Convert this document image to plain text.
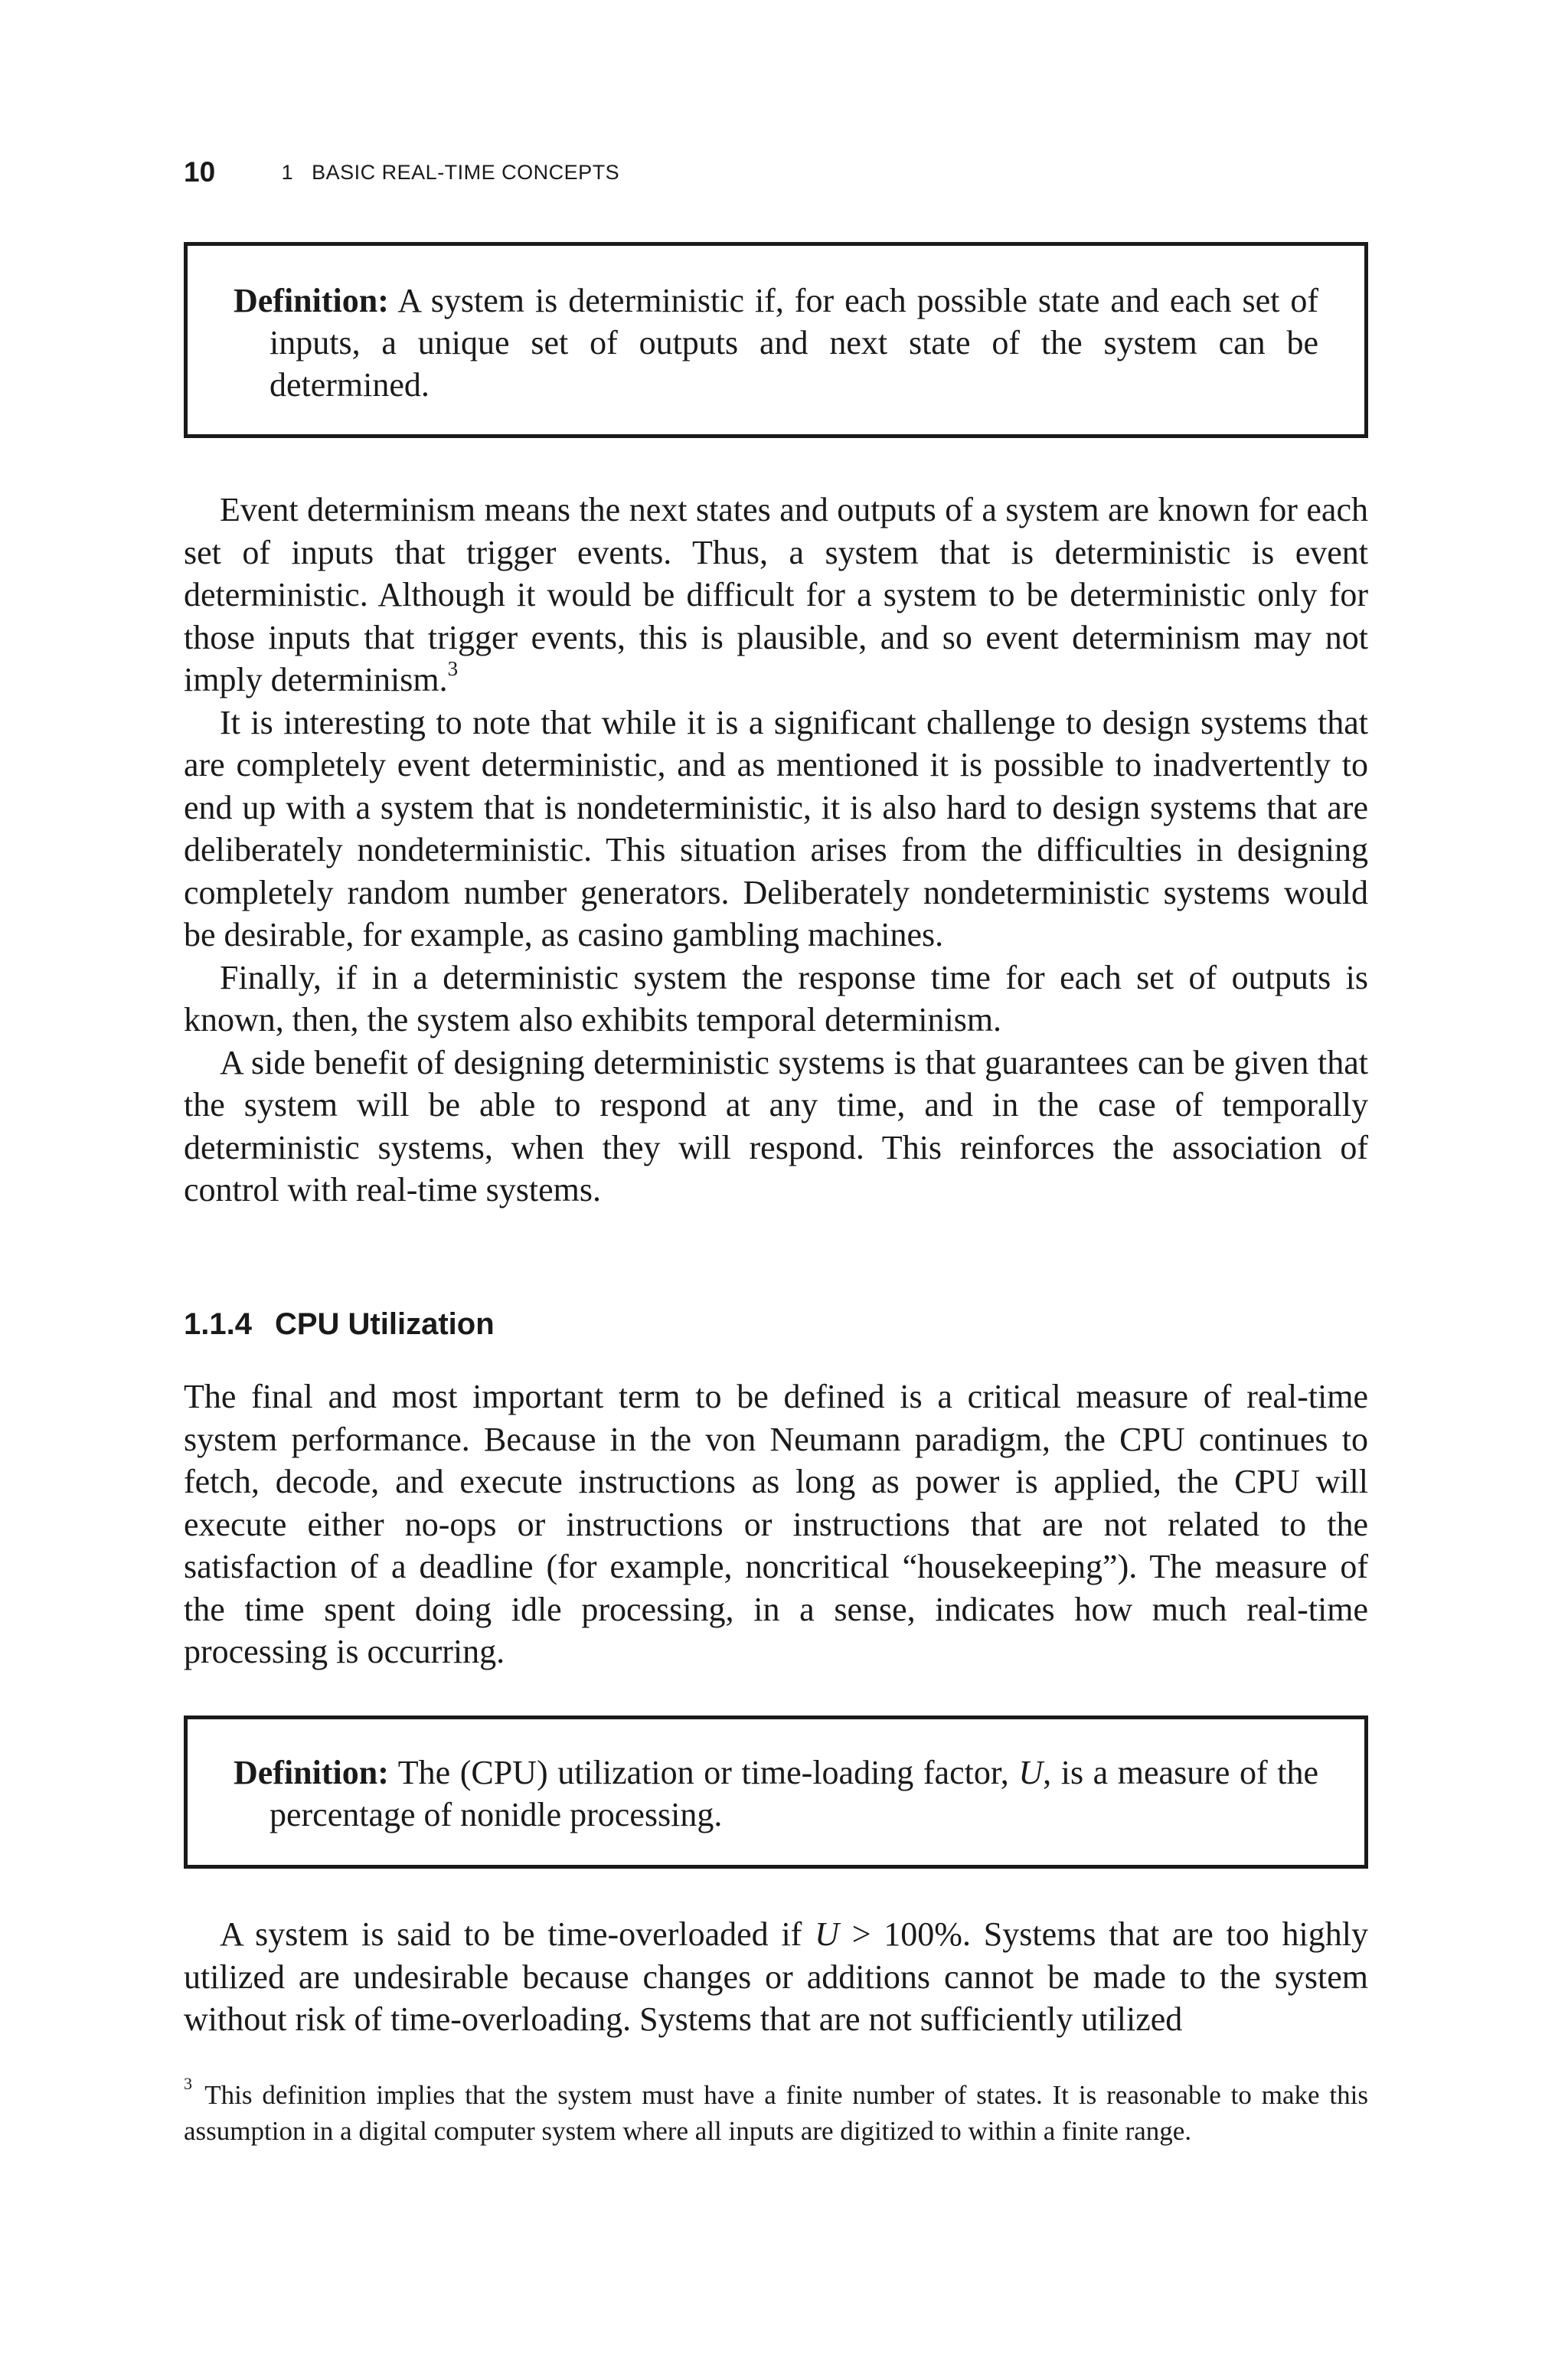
10	1   BASIC REAL-TIME CONCEPTS

Definition: A system is deterministic if, for each possible state and each set of inputs, a unique set of outputs and next state of the system can be determined.

Event determinism means the next states and outputs of a system are known for each set of inputs that trigger events. Thus, a system that is deterministic is event deterministic. Although it would be difficult for a system to be deterministic only for those inputs that trigger events, this is plausible, and so event determinism may not imply determinism.$^3$

It is interesting to note that while it is a significant challenge to design systems that are completely event deterministic, and as mentioned it is possible to inadvertently to end up with a system that is nondeterministic, it is also hard to design systems that are deliberately nondeterministic. This situation arises from the difficulties in designing completely random number generators. Deliberately nondeterministic systems would be desirable, for example, as casino gambling machines.

Finally, if in a deterministic system the response time for each set of outputs is known, then, the system also exhibits temporal determinism.

A side benefit of designing deterministic systems is that guarantees can be given that the system will be able to respond at any time, and in the case of temporally deterministic systems, when they will respond. This reinforces the association of control with real-time systems.

1.1.4 CPU Utilization

The final and most important term to be defined is a critical measure of real-time system performance. Because in the von Neumann paradigm, the CPU continues to fetch, decode, and execute instructions as long as power is applied, the CPU will execute either no-ops or instructions or instructions that are not related to the satisfaction of a deadline (for example, noncritical “housekeeping”). The measure of the time spent doing idle processing, in a sense, indicates how much real-time processing is occurring.

Definition: The (CPU) utilization or time-loading factor, U, is a measure of the percentage of nonidle processing.

A system is said to be time-overloaded if U > 100%. Systems that are too highly utilized are undesirable because changes or additions cannot be made to the system without risk of time-overloading. Systems that are not sufficiently utilized

$^3$ This definition implies that the system must have a finite number of states. It is reasonable to make this assumption in a digital computer system where all inputs are digitized to within a finite range.
